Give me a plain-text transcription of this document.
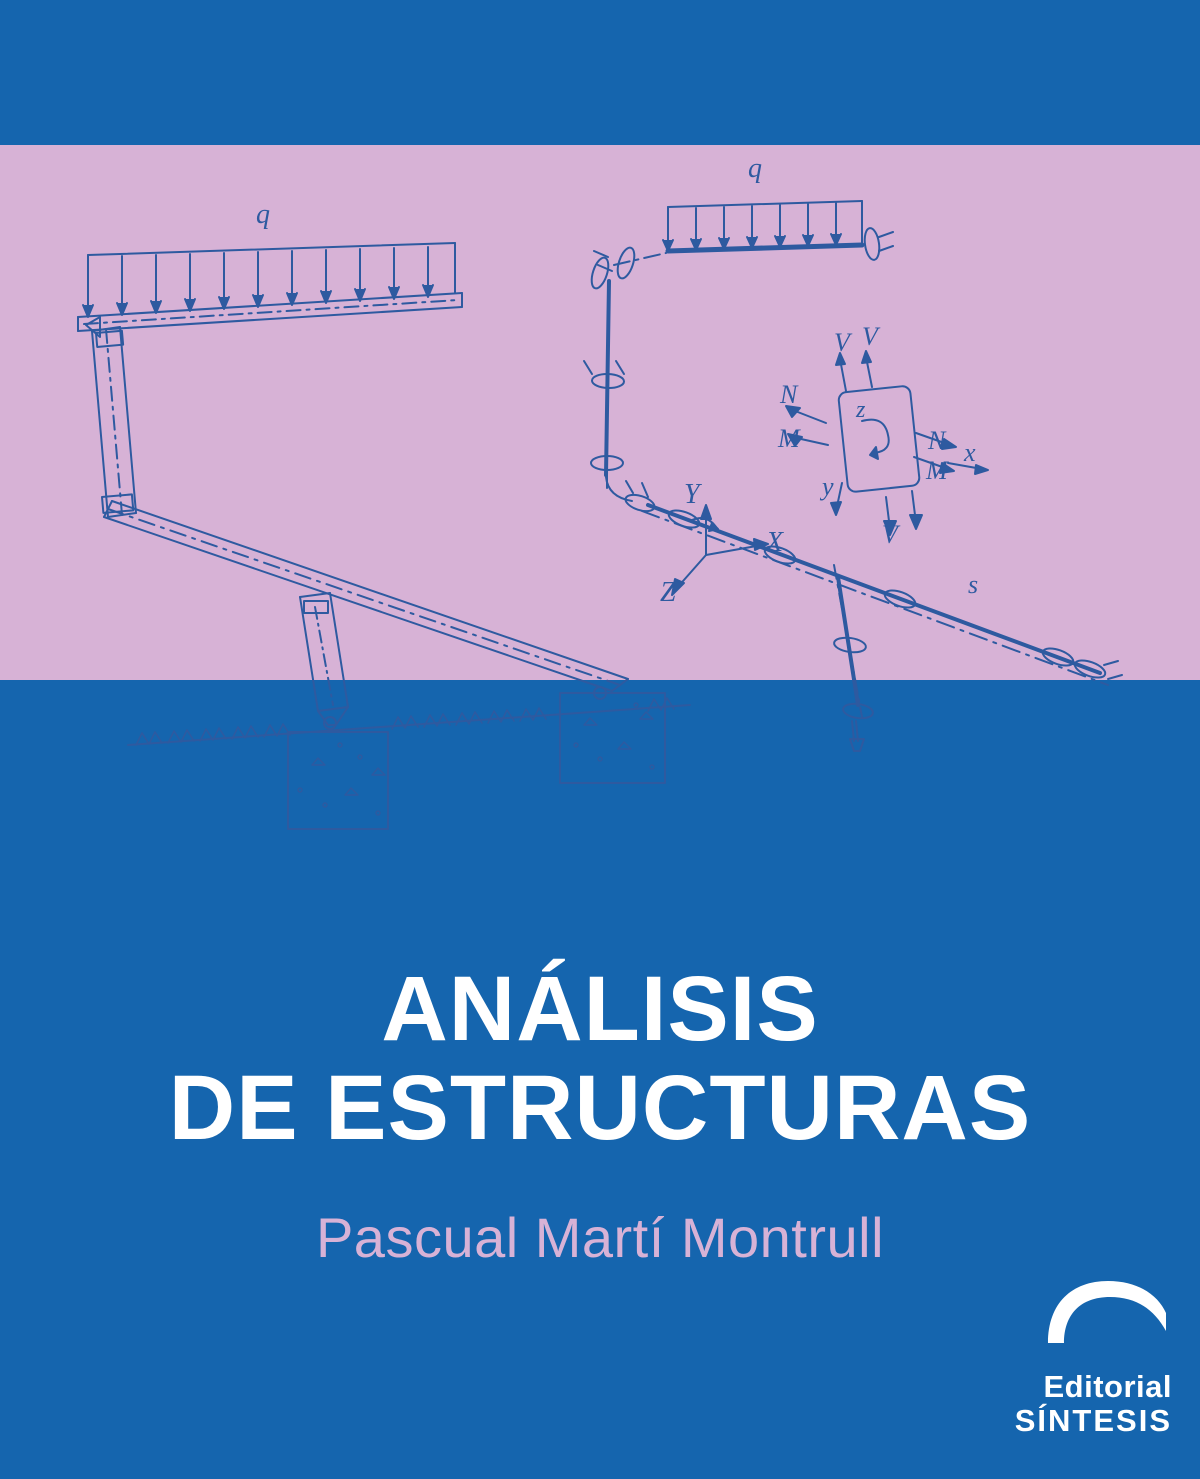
q
q
N
M
V V
N
M
V
x
y
z
Y
X
Z	s
ANÁLISIS
DE ESTRUCTURAS
Pascual Martí Montrull
Editorial
SÍNTESIS
